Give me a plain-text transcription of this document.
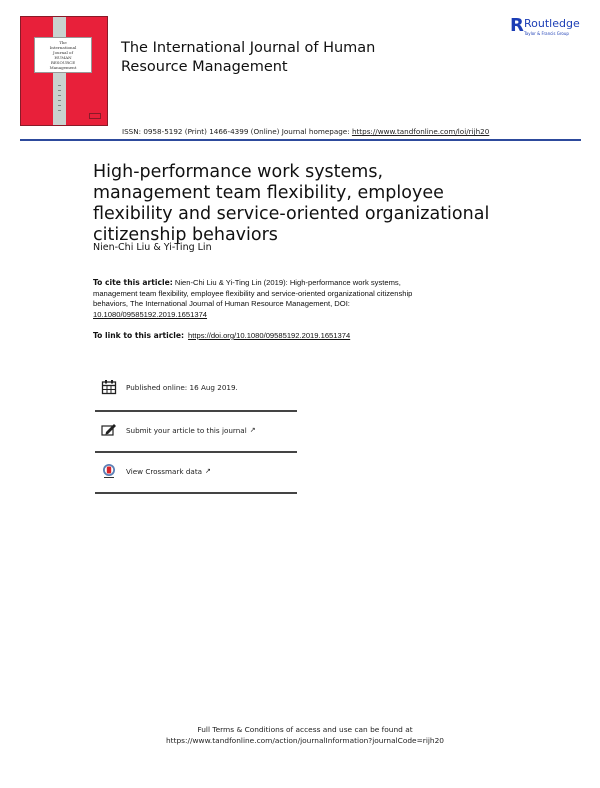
The
International
Journal of
HUMAN
RESOURCE
Management
The International Journal of Human Resource Management
R Routledge
Taylor & Francis Group
ISSN: 0958-5192 (Print) 1466-4399 (Online) Journal homepage: https://www.tandfonline.com/loi/rijh20
High-performance work systems, management team flexibility, employee flexibility and service-oriented organizational citizenship behaviors
Nien-Chi Liu & Yi-Ting Lin
To cite this article: Nien-Chi Liu & Yi-Ting Lin (2019): High-performance work systems, management team flexibility, employee flexibility and service-oriented organizational citizenship behaviors, The International Journal of Human Resource Management, DOI: 10.1080/09585192.2019.1651374
To link to this article: https://doi.org/10.1080/09585192.2019.1651374
Published online: 16 Aug 2019.
Submit your article to this journal ↗
View Crossmark data ↗
Full Terms & Conditions of access and use can be found at
https://www.tandfonline.com/action/journalInformation?journalCode=rijh20
